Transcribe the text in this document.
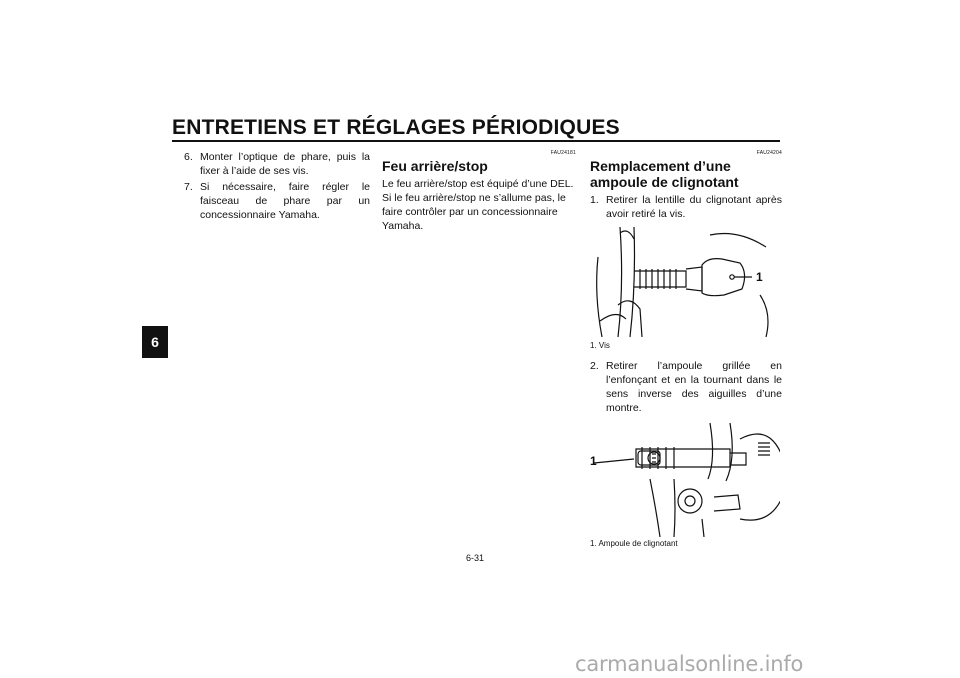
ENTRETIENS ET RÉGLAGES PÉRIODIQUES
6
6. Monter l’optique de phare, puis la fixer à l’aide de ses vis.
7. Si nécessaire, faire régler le faisceau de phare par un concessionnaire Yamaha.
FAU24181
Feu arrière/stop

Le feu arrière/stop est équipé d’une DEL.

Si le feu arrière/stop ne s’allume pas, le faire contrôler par un concessionnaire Yamaha.

FAU24204
Remplacement d’une ampoule de clignotant
1. Retirer la lentille du clignotant après avoir retiré la vis.
1
1. Vis
2. Retirer l’ampoule grillée en l’enfonçant et en la tournant dans le sens inverse des aiguilles d’une montre.
1
1. Ampoule de clignotant
6-31
carmanualsonline.info
